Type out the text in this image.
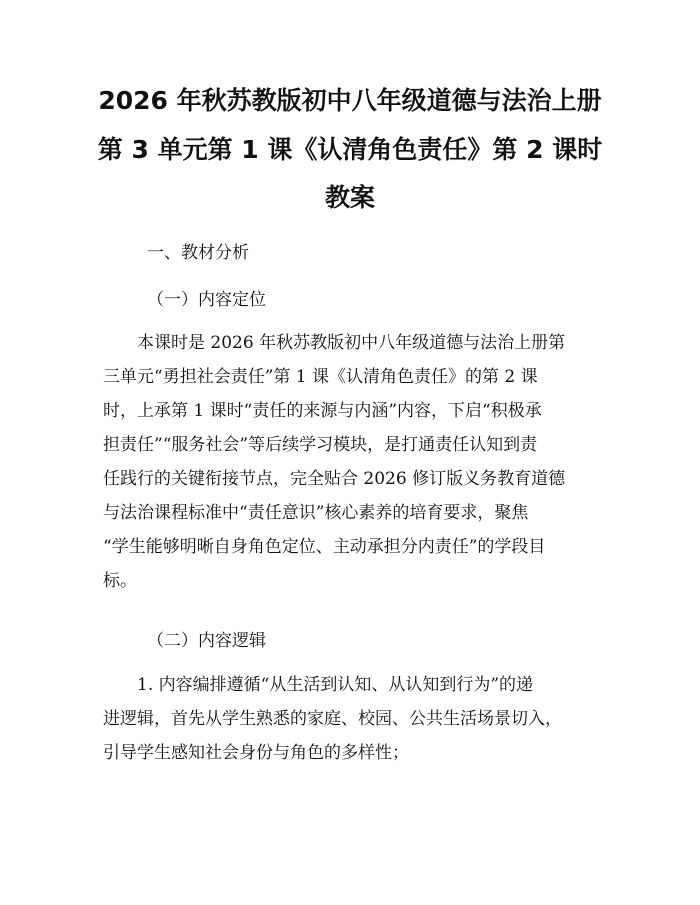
2026 年秋苏教版初中八年级道德与法治上册
第 3 单元第 1 课《认清角色责任》第 2 课时
教案

一、教材分析

（一）内容定位

本课时是 2026 年秋苏教版初中八年级道德与法治上册第
三单元“勇担社会责任”第 1 课《认清角色责任》的第 2 课
时，上承第 1 课时“责任的来源与内涵”内容，下启“积极承
担责任”“服务社会”等后续学习模块，是打通责任认知到责
任践行的关键衔接节点，完全贴合 2026 修订版义务教育道德
与法治课程标准中“责任意识”核心素养的培育要求，聚焦
“学生能够明晰自身角色定位、主动承担分内责任”的学段目
标。

（二）内容逻辑

1. 内容编排遵循“从生活到认知、从认知到行为”的递
进逻辑，首先从学生熟悉的家庭、校园、公共生活场景切入，
引导学生感知社会身份与角色的多样性；
